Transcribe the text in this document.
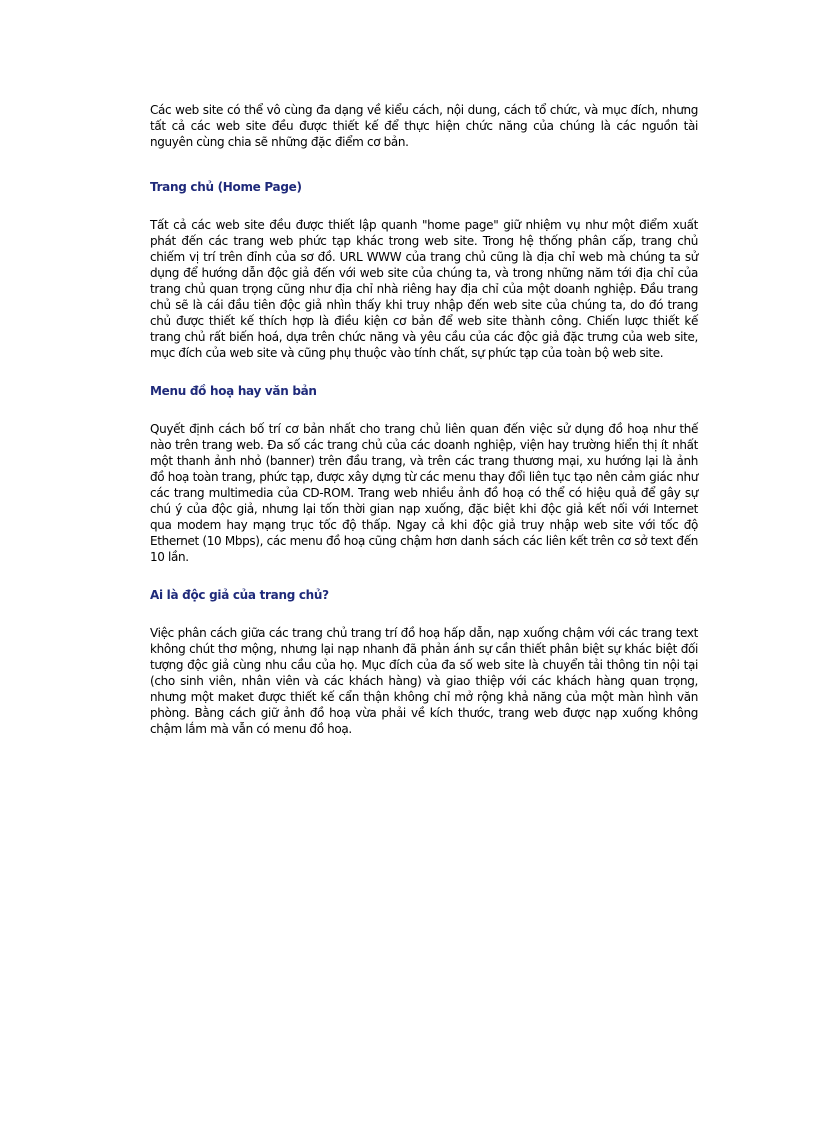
Các web site có thể vô cùng đa dạng về kiểu cách, nội dung, cách tổ chức, và mục đích, nhưng tất cả các web site đều được thiết kế để thực hiện chức năng của chúng là các nguồn tài nguyên cùng chia sẽ những đặc điểm cơ bản.

Trang chủ (Home Page)

Tất cả các web site đều được thiết lập quanh "home page" giữ nhiệm vụ như một điểm xuất phát đến các trang web phức tạp khác trong web site. Trong hệ thống phân cấp, trang chủ chiếm vị trí trên đỉnh của sơ đồ. URL WWW của trang chủ cũng là địa chỉ web mà chúng ta sử dụng để hướng dẫn độc giả đến với web site của chúng ta, và trong những năm tới địa chỉ của trang chủ quan trọng cũng như địa chỉ nhà riêng hay địa chỉ của một doanh nghiệp. Đầu trang chủ sẽ là cái đầu tiên độc giả nhìn thấy khi truy nhập đến web site của chúng ta, do đó trang chủ được thiết kế thích hợp là điều kiện cơ bản để web site thành công. Chiến lược thiết kế trang chủ rất biến hoá, dựa trên chức năng và yêu cầu của các độc giả đặc trưng của web site, mục đích của web site và cũng phụ thuộc vào tính chất, sự phức tạp của toàn bộ web site.

Menu đồ hoạ hay văn bản

Quyết định cách bố trí cơ bản nhất cho trang chủ liên quan đến việc sử dụng đồ hoạ như thế nào trên trang web. Đa số các trang chủ của các doanh nghiệp, viện hay trường hiển thị ít nhất một thanh ảnh nhỏ (banner) trên đầu trang, và trên các trang thương mại, xu hướng lại là ảnh đồ hoạ toàn trang, phức tạp, được xây dựng từ các menu thay đổi liên tục tạo nên cảm giác như các trang multimedia của CD-ROM. Trang web nhiều ảnh đồ hoạ có thể có hiệu quả để gây sự chú ý của độc giả, nhưng lại tốn thời gian nạp xuống, đặc biệt khi độc giả kết nối với Internet qua modem hay mạng trục tốc độ thấp. Ngay cả khi độc giả truy nhập web site với tốc độ Ethernet (10 Mbps), các menu đồ hoạ cũng chậm hơn danh sách các liên kết trên cơ sở text đến 10 lần.

Ai là độc giả của trang chủ?

Việc phân cách giữa các trang chủ trang trí đồ hoạ hấp dẫn, nạp xuống chậm với các trang text không chút thơ mộng, nhưng lại nạp nhanh đã phản ánh sự cần thiết phân biệt sự khác biệt đối tượng độc giả cùng nhu cầu của họ. Mục đích của đa số web site là chuyển tải thông tin nội tại (cho sinh viên, nhân viên và các khách hàng) và giao thiệp với các khách hàng quan trọng, nhưng một maket được thiết kế cẩn thận không chỉ mở rộng khả năng của một màn hình văn phòng. Bằng cách giữ ảnh đồ hoạ vừa phải về kích thước, trang web được nạp xuống không chậm lắm mà vẫn có menu đồ hoạ.
